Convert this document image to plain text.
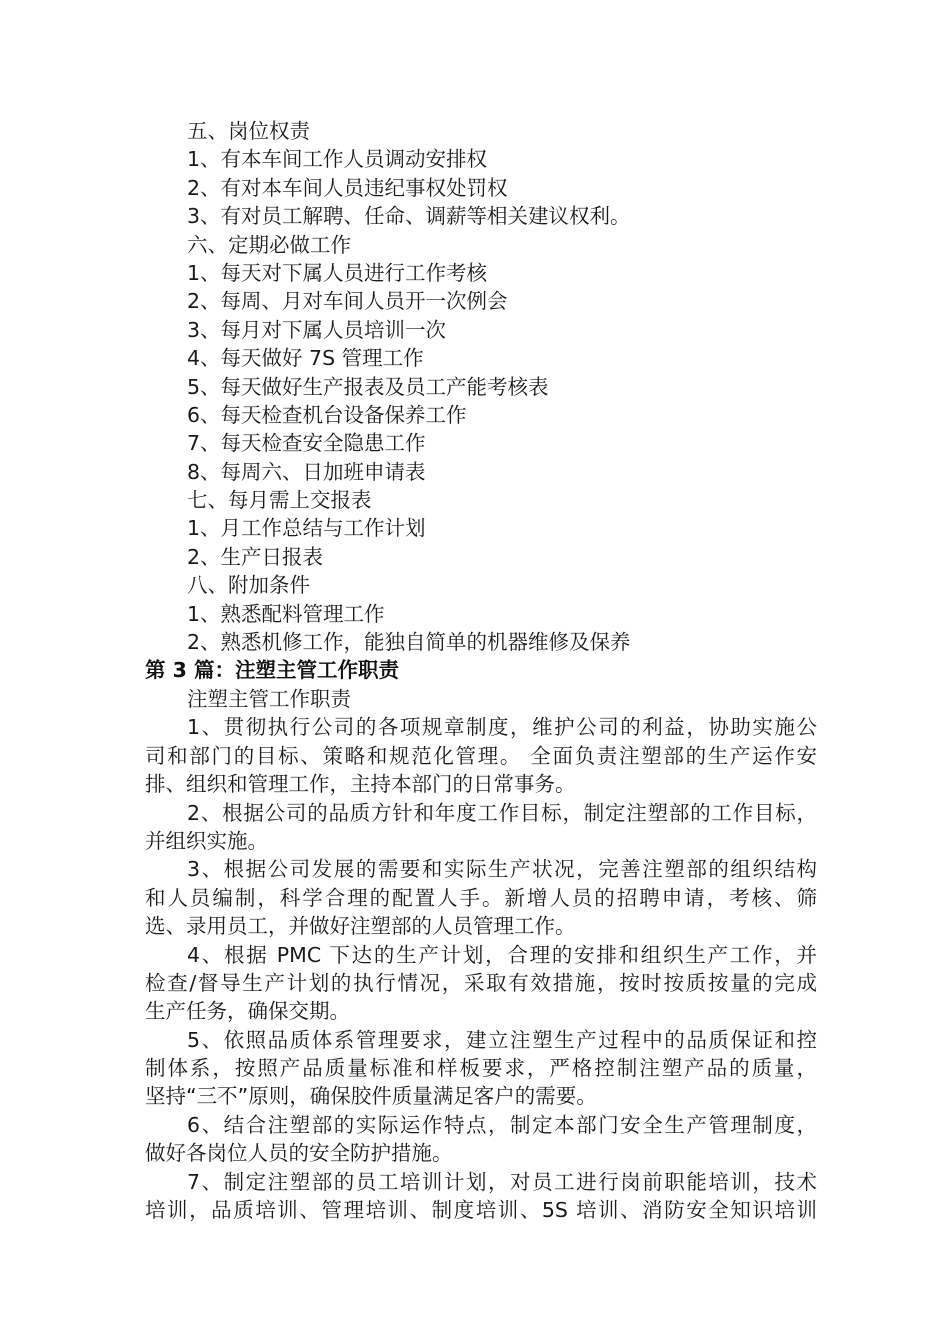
五、岗位权责
1、有本车间工作人员调动安排权
2、有对本车间人员违纪事权处罚权
3、有对员工解聘、任命、调薪等相关建议权利。
六、定期必做工作
1、每天对下属人员进行工作考核
2、每周、月对车间人员开一次例会
3、每月对下属人员培训一次
4、每天做好 7S 管理工作
5、每天做好生产报表及员工产能考核表
6、每天检查机台设备保养工作
7、每天检查安全隐患工作
8、每周六、日加班申请表
七、每月需上交报表
1、月工作总结与工作计划
2、生产日报表
八、附加条件
1、熟悉配料管理工作
2、熟悉机修工作，能独自简单的机器维修及保养
第 3 篇：注塑主管工作职责
注塑主管工作职责
1、贯彻执行公司的各项规章制度，维护公司的利益，协助实施公
司和部门的目标、策略和规范化管理。 全面负责注塑部的生产运作安
排、组织和管理工作，主持本部门的日常事务。
2、根据公司的品质方针和年度工作目标，制定注塑部的工作目标，
并组织实施。
3、根据公司发展的需要和实际生产状况，完善注塑部的组织结构
和人员编制，科学合理的配置人手。新增人员的招聘申请，考核、筛
选、录用员工，并做好注塑部的人员管理工作。
4、根据 PMC 下达的生产计划，合理的安排和组织生产工作，并
检查/督导生产计划的执行情况，采取有效措施，按时按质按量的完成
生产任务，确保交期。
5、依照品质体系管理要求，建立注塑生产过程中的品质保证和控
制体系，按照产品质量标准和样板要求，严格控制注塑产品的质量，
坚持“三不”原则，确保胶件质量满足客户的需要。
6、结合注塑部的实际运作特点，制定本部门安全生产管理制度，
做好各岗位人员的安全防护措施。
7、制定注塑部的员工培训计划，对员工进行岗前职能培训，技术
培训，品质培训、管理培训、制度培训、5S 培训、消防安全知识培训
